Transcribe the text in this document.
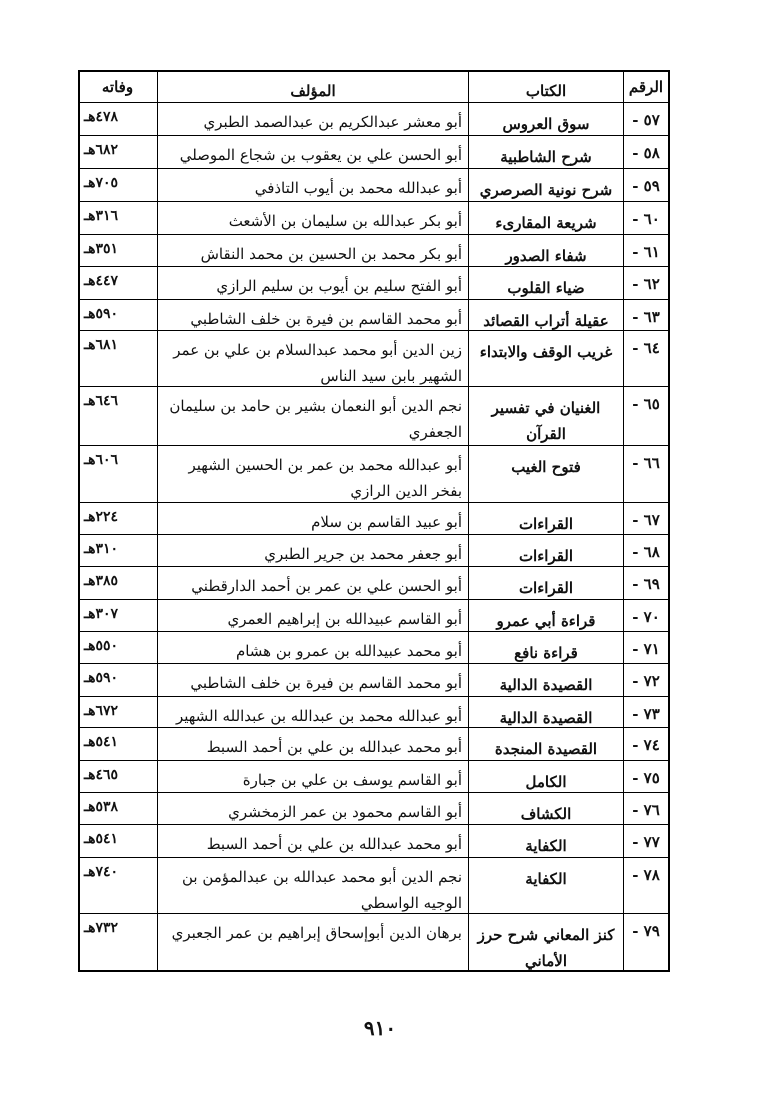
الرقم
الكتاب
المؤلف
وفاته
٥٧ -
سوق العروس
أبو معشر عبدالكريم بن عبدالصمد الطبري
٤٧٨هـ
٥٨ -
شرح الشاطبية
أبو الحسن علي بن يعقوب بن شجاع الموصلي
٦٨٢هـ
٥٩ -
شرح نونية الصرصري
أبو عبدالله محمد بن أيوب التاذفي
٧٠٥هـ
٦٠ -
شريعة المقارىء
أبو بكر عبدالله بن سليمان بن الأشعث
٣١٦هـ
٦١ -
شفاء الصدور
أبو بكر محمد بن الحسين بن محمد النقاش
٣٥١هـ
٦٢ -
ضياء القلوب
أبو الفتح سليم بن أيوب بن سليم الرازي
٤٤٧هـ
٦٣ -
عقيلة أتراب القصائد
أبو محمد القاسم بن فيرة بن خلف الشاطبي
٥٩٠هـ
٦٤ -
غريب الوقف والابتداء
زين الدين أبو محمد عبدالسلام بن علي بن عمر الشهير بابن سيد الناس
٦٨١هـ
٦٥ -
الغنيان في تفسير القرآن
نجم الدين أبو النعمان بشير بن حامد بن سليمان الجعفري
٦٤٦هـ
٦٦ -
فتوح الغيب
أبو عبدالله محمد بن عمر بن الحسين الشهير بفخر الدين الرازي
٦٠٦هـ
٦٧ -
القراءات
أبو عبيد القاسم بن سلام
٢٢٤هـ
٦٨ -
القراءات
أبو جعفر محمد بن جرير الطبري
٣١٠هـ
٦٩ -
القراءات
أبو الحسن علي بن عمر بن أحمد الدارقطني
٣٨٥هـ
٧٠ -
قراءة أبي عمرو
أبو القاسم عبيدالله بن إبراهيم العمري
٣٠٧هـ
٧١ -
قراءة نافع
أبو محمد عبيدالله بن عمرو بن هشام
٥٥٠هـ
٧٢ -
القصيدة الدالية
أبو محمد القاسم بن فيرة بن خلف الشاطبي
٥٩٠هـ
٧٣ -
القصيدة الدالية
أبو عبدالله محمد بن عبدالله بن عبدالله الشهير
٦٧٢هـ
٧٤ -
القصيدة المنجدة
أبو محمد عبدالله بن علي بن أحمد السبط
٥٤١هـ
٧٥ -
الكامل
أبو القاسم يوسف بن علي بن جبارة
٤٦٥هـ
٧٦ -
الكشاف
أبو القاسم محمود بن عمر الزمخشري
٥٣٨هـ
٧٧ -
الكفاية
أبو محمد عبدالله بن علي بن أحمد السبط
٥٤١هـ
٧٨ -
الكفاية
نجم الدين أبو محمد عبدالله بن عبدالمؤمن بن الوجيه الواسطي
٧٤٠هـ
٧٩ -
كنز المعاني شرح حرز الأماني
برهان الدين أبوإسحاق إبراهيم بن عمر الجعبري
٧٣٢هـ
٩١٠
